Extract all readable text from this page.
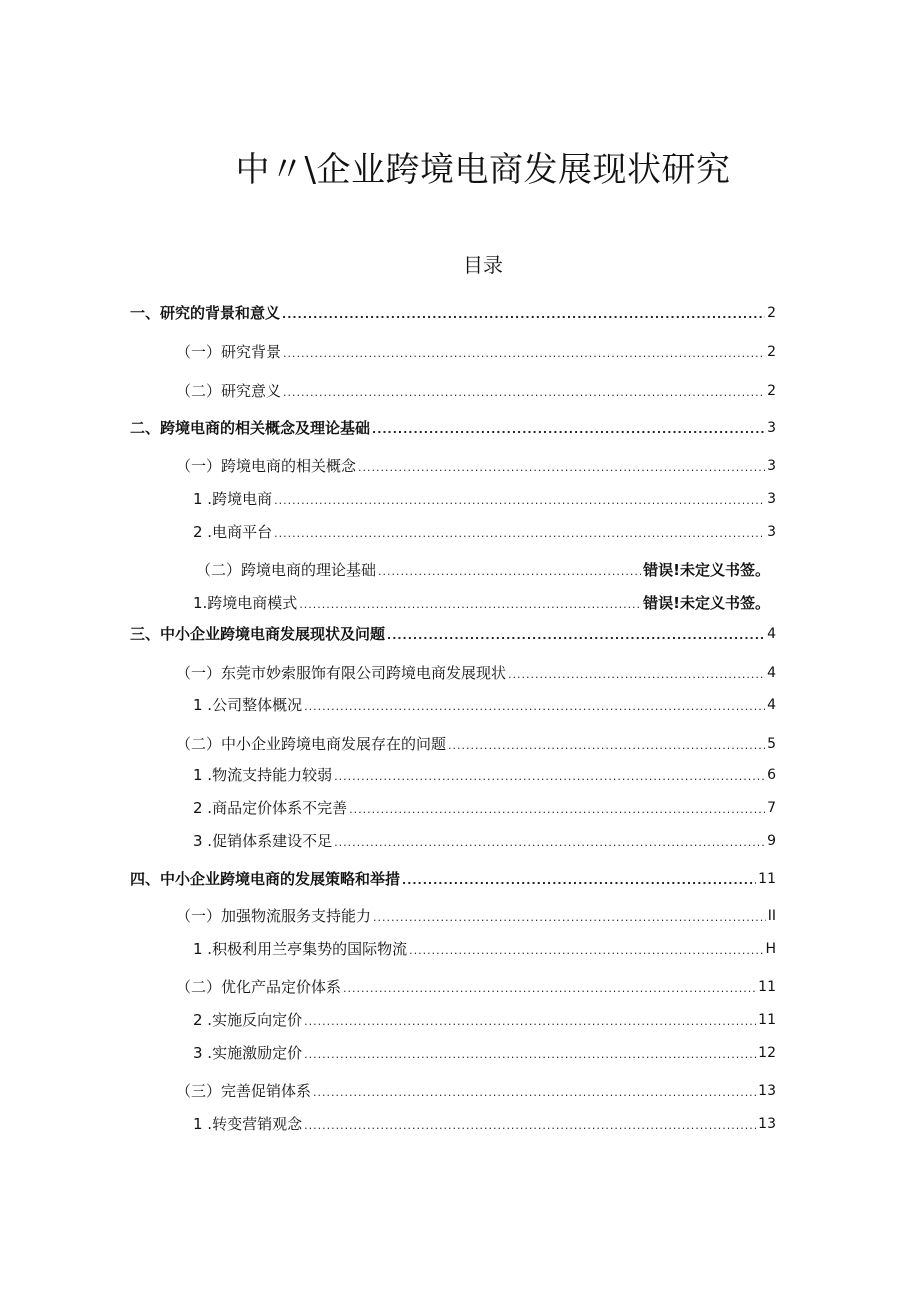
中〃\企业跨境电商发展现状研究
目录
一、研究的背景和意义 .....	2
（一）研究背景 .....	2
（二）研究意义 .....	2
二、跨境电商的相关概念及理论基础 .....	3
（一）跨境电商的相关概念 .....	3
1 .跨境电商 .....	3
2 .电商平台 .....	3
（二）跨境电商的理论基础 .....	错误!未定义书签。
1.跨境电商模式 .....	错误!未定义书签。
三、中小企业跨境电商发展现状及问题 .....	4
（一）东莞市妙索服饰有限公司跨境电商发展现状 .....	4
1 .公司整体概况 .....	4
（二）中小企业跨境电商发展存在的问题 .....	5
1 .物流支持能力较弱 .....	6
2 .商品定价体系不完善 .....	7
3 .促销体系建设不足 .....	9
四、中小企业跨境电商的发展策略和举措 .....	11
（一）加强物流服务支持能力 .....	II
1 .积极利用兰亭集势的国际物流 .....	H
（二）优化产品定价体系 .....	11
2 .实施反向定价 .....	11
3 .实施激励定价 .....	12
（三）完善促销体系 .....	13
1 .转变营销观念 .....	13
